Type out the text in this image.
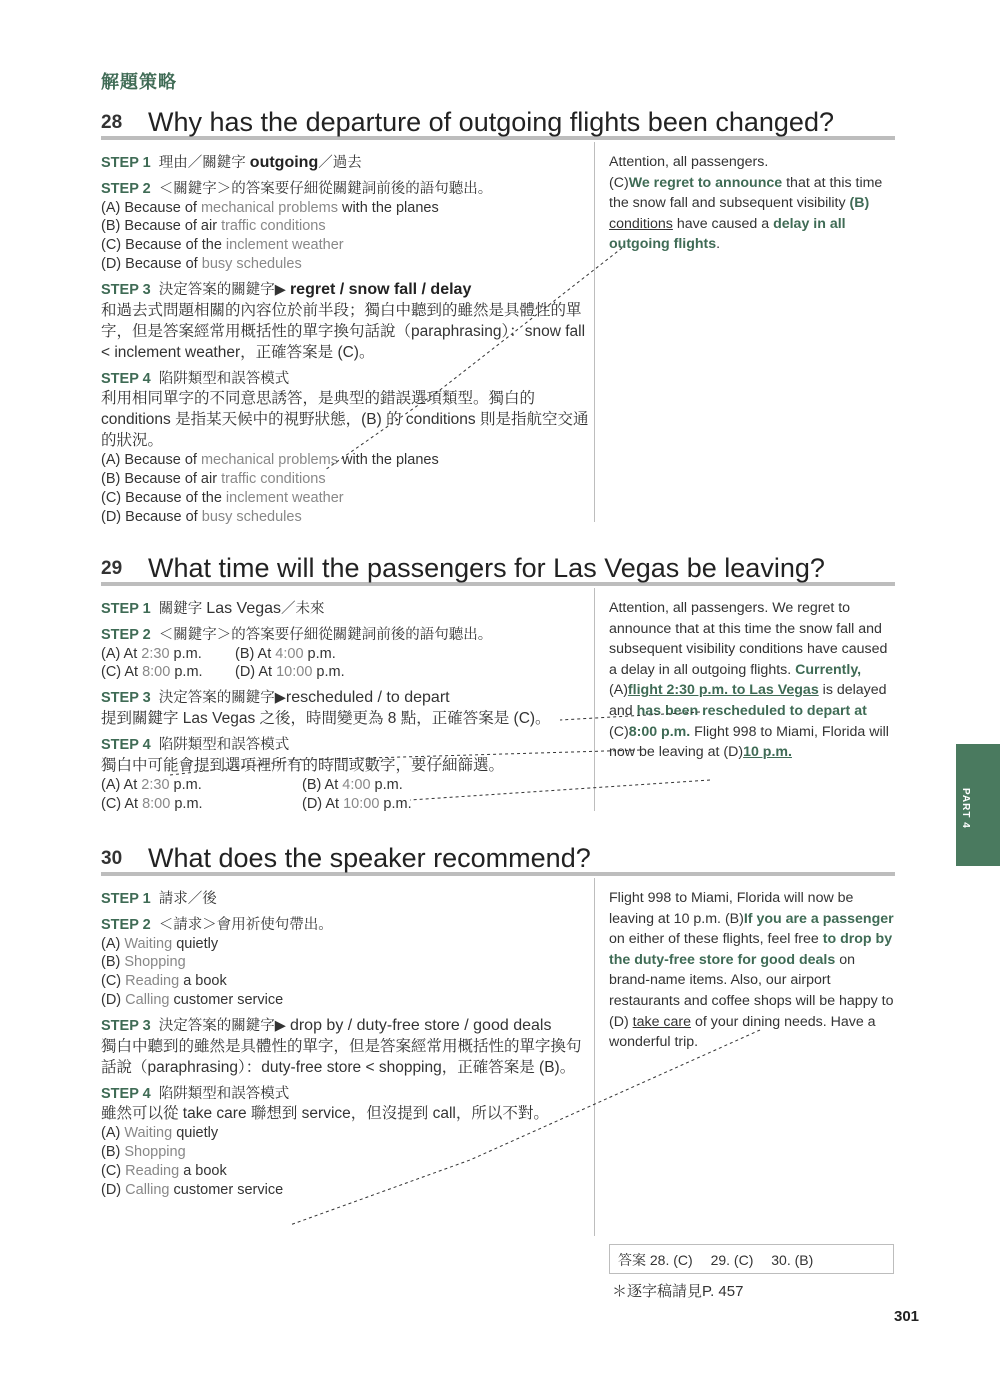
解題策略
28 Why has the departure of outgoing flights been changed?
STEP 1 理由／關鍵字 outgoing／過去
STEP 2 ＜關鍵字＞的答案要仔細從關鍵詞前後的語句聽出。
(A) Because of mechanical problems with the planes
(B) Because of air traffic conditions
(C) Because of the inclement weather
(D) Because of busy schedules
STEP 3 決定答案的關鍵字▶ regret / snow fall / delay
和過去式問題相關的內容位於前半段；獨白中聽到的雖然是具體性的單字，但是答案經常用概括性的單字換句話說（paraphrasing）：snow fall < inclement weather，正確答案是 (C)。
STEP 4 陷阱類型和誤答模式
利用相同單字的不同意思誘答，是典型的錯誤選項類型。獨白的 conditions 是指某天候中的視野狀態，(B) 的 conditions 則是指航空交通的狀況。
(A) Because of mechanical problems with the planes
(B) Because of air traffic conditions
(C) Because of the inclement weather
(D) Because of busy schedules
Attention, all passengers.
(C)We regret to announce that at this time the snow fall and subsequent visibility (B) conditions have caused a delay in all outgoing flights.
29 What time will the passengers for Las Vegas be leaving?
STEP 1 關鍵字 Las Vegas／未來
STEP 2 ＜關鍵字＞的答案要仔細從關鍵詞前後的語句聽出。
(A) At 2:30 p.m.	(B) At 4:00 p.m.
(C) At 8:00 p.m.	(D) At 10:00 p.m.
STEP 3 決定答案的關鍵字▶rescheduled / to depart
提到關鍵字 Las Vegas 之後，時間變更為 8 點，正確答案是 (C)。
STEP 4 陷阱類型和誤答模式
獨白中可能會提到選項裡所有的時間或數字，要仔細篩選。
(A) At 2:30 p.m.	(B) At 4:00 p.m.
(C) At 8:00 p.m.	(D) At 10:00 p.m.
Attention, all passengers. We regret to announce that at this time the snow fall and subsequent visibility conditions have caused a delay in all outgoing flights. Currently, (A)flight 2:30 p.m. to Las Vegas is delayed and has been rescheduled to depart at (C)8:00 p.m. Flight 998 to Miami, Florida will now be leaving at (D)10 p.m.
30 What does the speaker recommend?
STEP 1 請求／後
STEP 2 ＜請求＞會用祈使句帶出。
(A) Waiting quietly
(B) Shopping
(C) Reading a book
(D) Calling customer service
STEP 3 決定答案的關鍵字▶ drop by / duty-free store / good deals
獨白中聽到的雖然是具體性的單字，但是答案經常用概括性的單字換句話說（paraphrasing）：duty-free store < shopping，正確答案是 (B)。
STEP 4 陷阱類型和誤答模式
雖然可以從 take care 聯想到 service，但沒提到 call，所以不對。
(A) Waiting quietly
(B) Shopping
(C) Reading a book
(D) Calling customer service
Flight 998 to Miami, Florida will now be leaving at 10 p.m. (B)If you are a passenger on either of these flights, feel free to drop by the duty-free store for good deals on brand-name items. Also, our airport restaurants and coffee shops will be happy to (D) take care of your dining needs. Have a wonderful trip.
PART 4
答案 28. (C)　 29. (C)　 30. (B)
＊逐字稿請見P. 457
301
